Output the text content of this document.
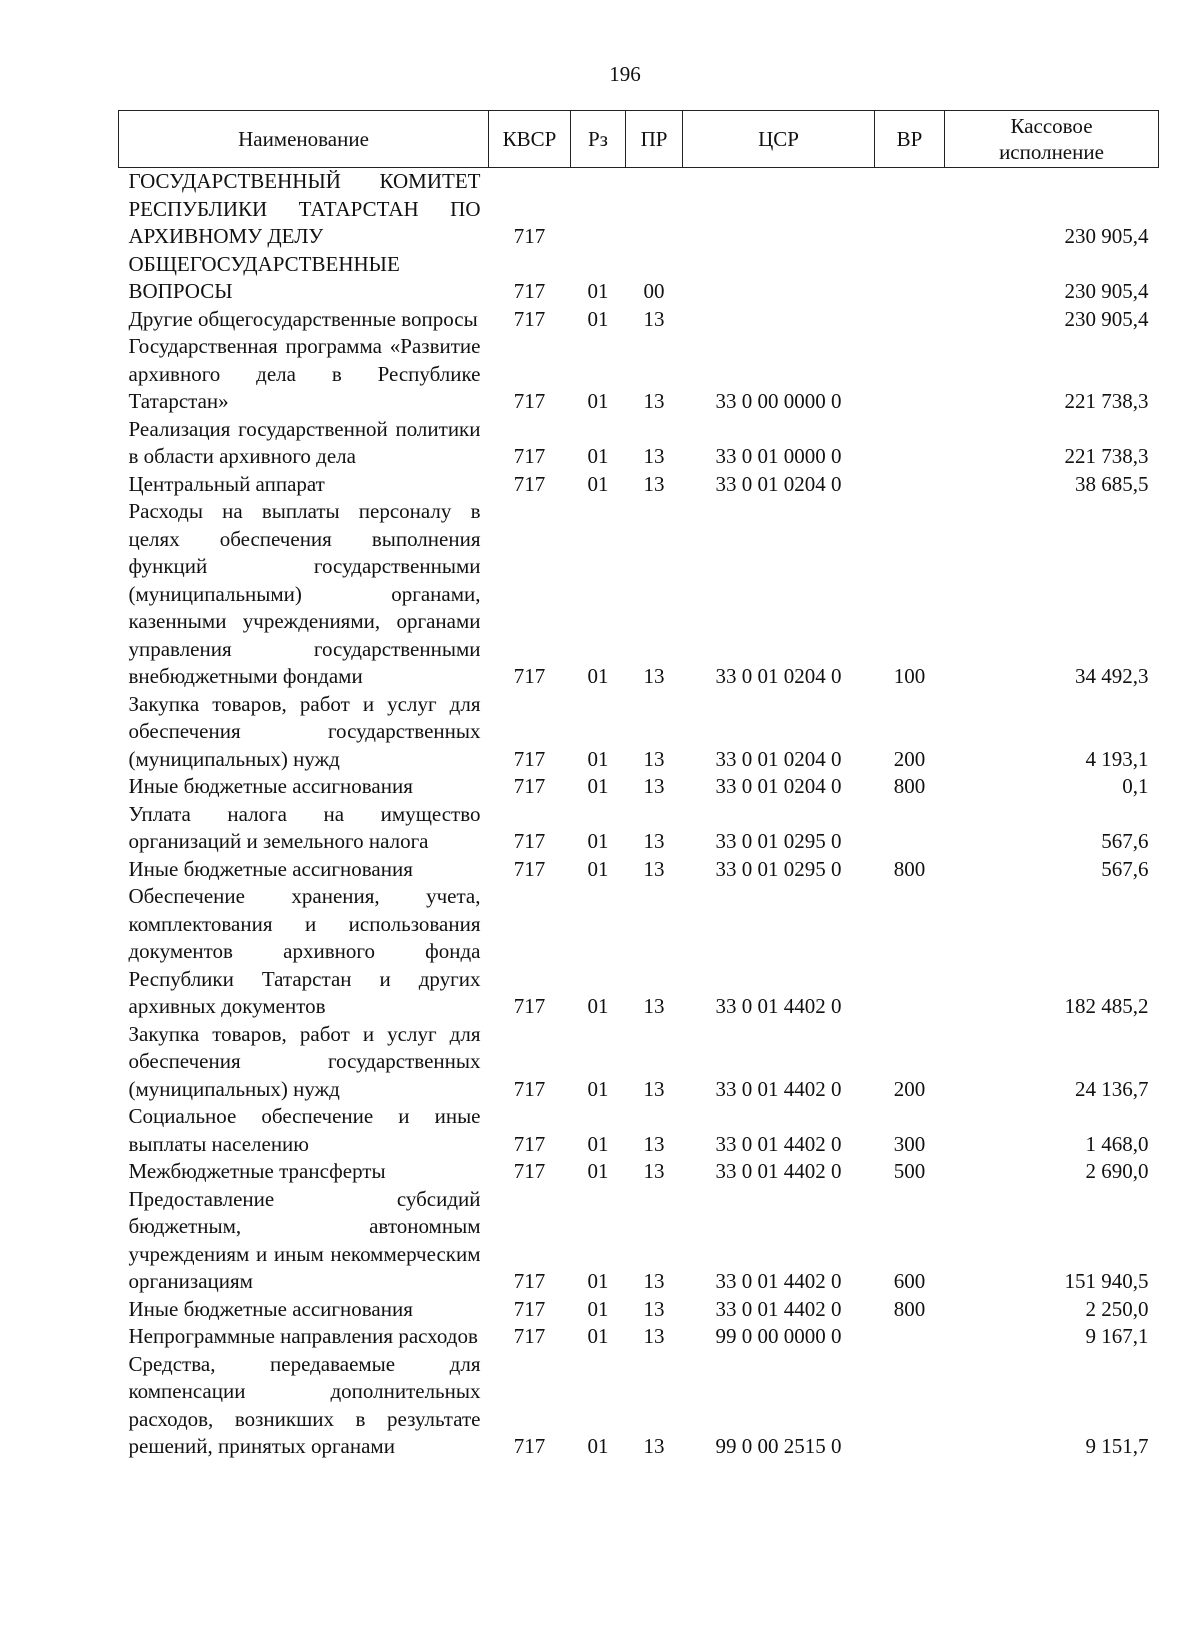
196
Наименование	КВСР	Рз	ПР	ЦСР	ВР	Кассовое
исполнение

ГОСУДАРСТВЕННЫЙ КОМИТЕТ РЕСПУБЛИКИ ТАТАРСТАН ПО АРХИВНОМУ ДЕЛУ	717					230 905,4
ОБЩЕГОСУДАРСТВЕННЫЕ ВОПРОСЫ	717	01	00			230 905,4
Другие общегосударственные вопросы	717	01	13			230 905,4
Государственная программа «Развитие архивного дела в Республике Татарстан»	717	01	13	33 0 00 0000 0		221 738,3
Реализация государственной политики в области архивного дела	717	01	13	33 0 01 0000 0		221 738,3
Центральный аппарат	717	01	13	33 0 01 0204 0		38 685,5
Расходы на выплаты персоналу в целях обеспечения выполнения функций государственными (муниципальными) органами, казенными учреждениями, органами управления государственными внебюджетными фондами	717	01	13	33 0 01 0204 0	100	34 492,3
Закупка товаров, работ и услуг для обеспечения государственных (муниципальных) нужд	717	01	13	33 0 01 0204 0	200	4 193,1
Иные бюджетные ассигнования	717	01	13	33 0 01 0204 0	800	0,1
Уплата налога на имущество организаций и земельного налога	717	01	13	33 0 01 0295 0		567,6
Иные бюджетные ассигнования	717	01	13	33 0 01 0295 0	800	567,6
Обеспечение хранения, учета, комплектования и использования документов архивного фонда Республики Татарстан и других архивных документов	717	01	13	33 0 01 4402 0		182 485,2
Закупка товаров, работ и услуг для обеспечения государственных (муниципальных) нужд	717	01	13	33 0 01 4402 0	200	24 136,7
Социальное обеспечение и иные выплаты населению	717	01	13	33 0 01 4402 0	300	1 468,0
Межбюджетные трансферты	717	01	13	33 0 01 4402 0	500	2 690,0
Предоставление субсидий бюджетным, автономным учреждениям и иным некоммерческим организациям	717	01	13	33 0 01 4402 0	600	151 940,5
Иные бюджетные ассигнования	717	01	13	33 0 01 4402 0	800	2 250,0
Непрограммные направления расходов	717	01	13	99 0 00 0000 0		9 167,1
Средства, передаваемые для компенсации дополнительных расходов, возникших в результате решений, принятых органами	717	01	13	99 0 00 2515 0		9 151,7
